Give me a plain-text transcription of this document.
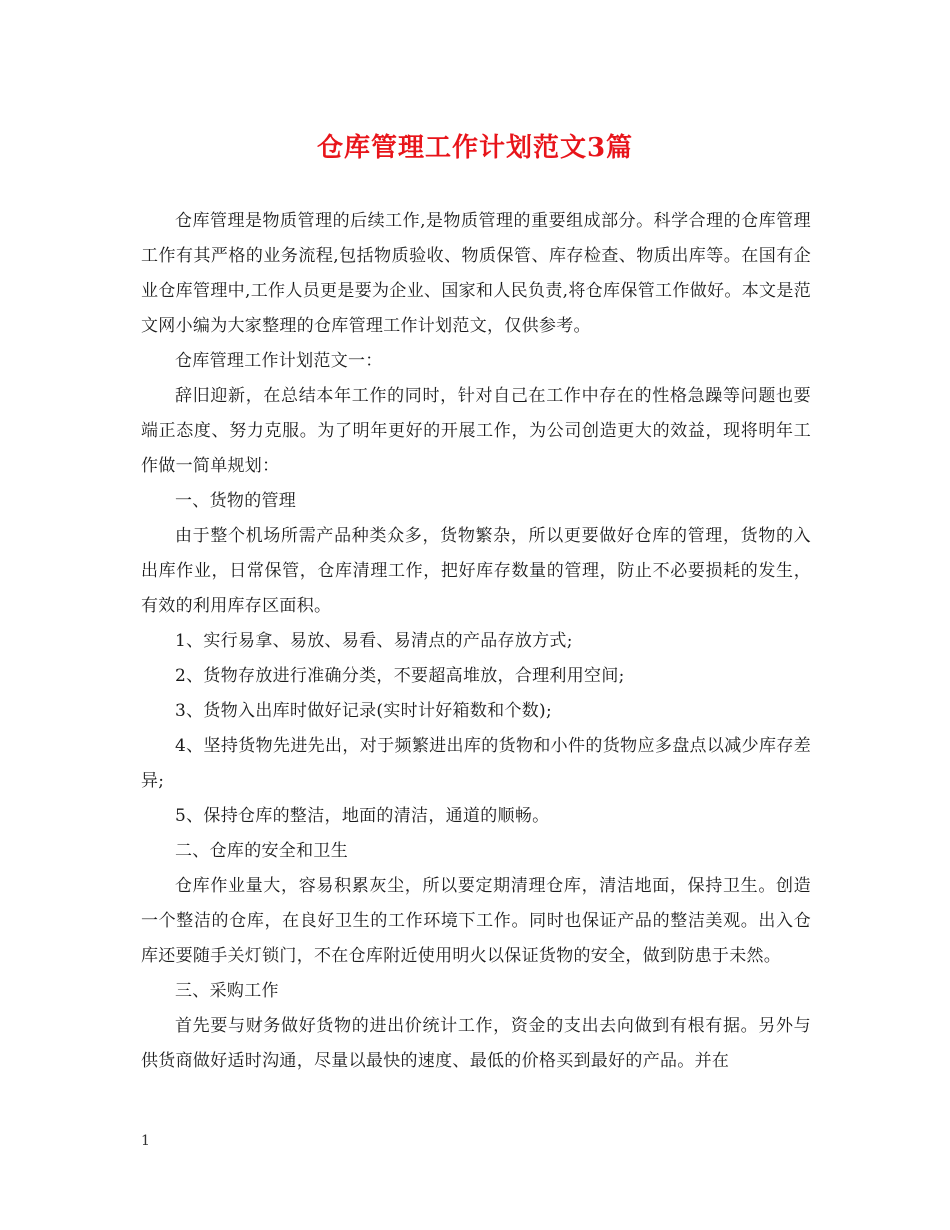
仓库管理工作计划范文3篇

仓库管理是物质管理的后续工作,是物质管理的重要组成部分。科学合理的仓库管理工作有其严格的业务流程,包括物质验收、物质保管、库存检查、物质出库等。在国有企业仓库管理中,工作人员更是要为企业、国家和人民负责,将仓库保管工作做好。本文是范文网小编为大家整理的仓库管理工作计划范文，仅供参考。

仓库管理工作计划范文一：

辞旧迎新，在总结本年工作的同时，针对自己在工作中存在的性格急躁等问题也要端正态度、努力克服。为了明年更好的开展工作，为公司创造更大的效益，现将明年工作做一简单规划：

一、货物的管理

由于整个机场所需产品种类众多，货物繁杂，所以更要做好仓库的管理，货物的入出库作业，日常保管，仓库清理工作，把好库存数量的管理，防止不必要损耗的发生，有效的利用库存区面积。

1、实行易拿、易放、易看、易清点的产品存放方式;

2、货物存放进行准确分类，不要超高堆放，合理利用空间;

3、货物入出库时做好记录(实时计好箱数和个数);

4、坚持货物先进先出，对于频繁进出库的货物和小件的货物应多盘点以减少库存差异;

5、保持仓库的整洁，地面的清洁，通道的顺畅。

二、仓库的安全和卫生

仓库作业量大，容易积累灰尘，所以要定期清理仓库，清洁地面，保持卫生。创造一个整洁的仓库，在良好卫生的工作环境下工作。同时也保证产品的整洁美观。出入仓库还要随手关灯锁门，不在仓库附近使用明火以保证货物的安全，做到防患于未然。

三、采购工作

首先要与财务做好货物的进出价统计工作，资金的支出去向做到有根有据。另外与供货商做好适时沟通，尽量以最快的速度、最低的价格买到最好的产品。并在

1
